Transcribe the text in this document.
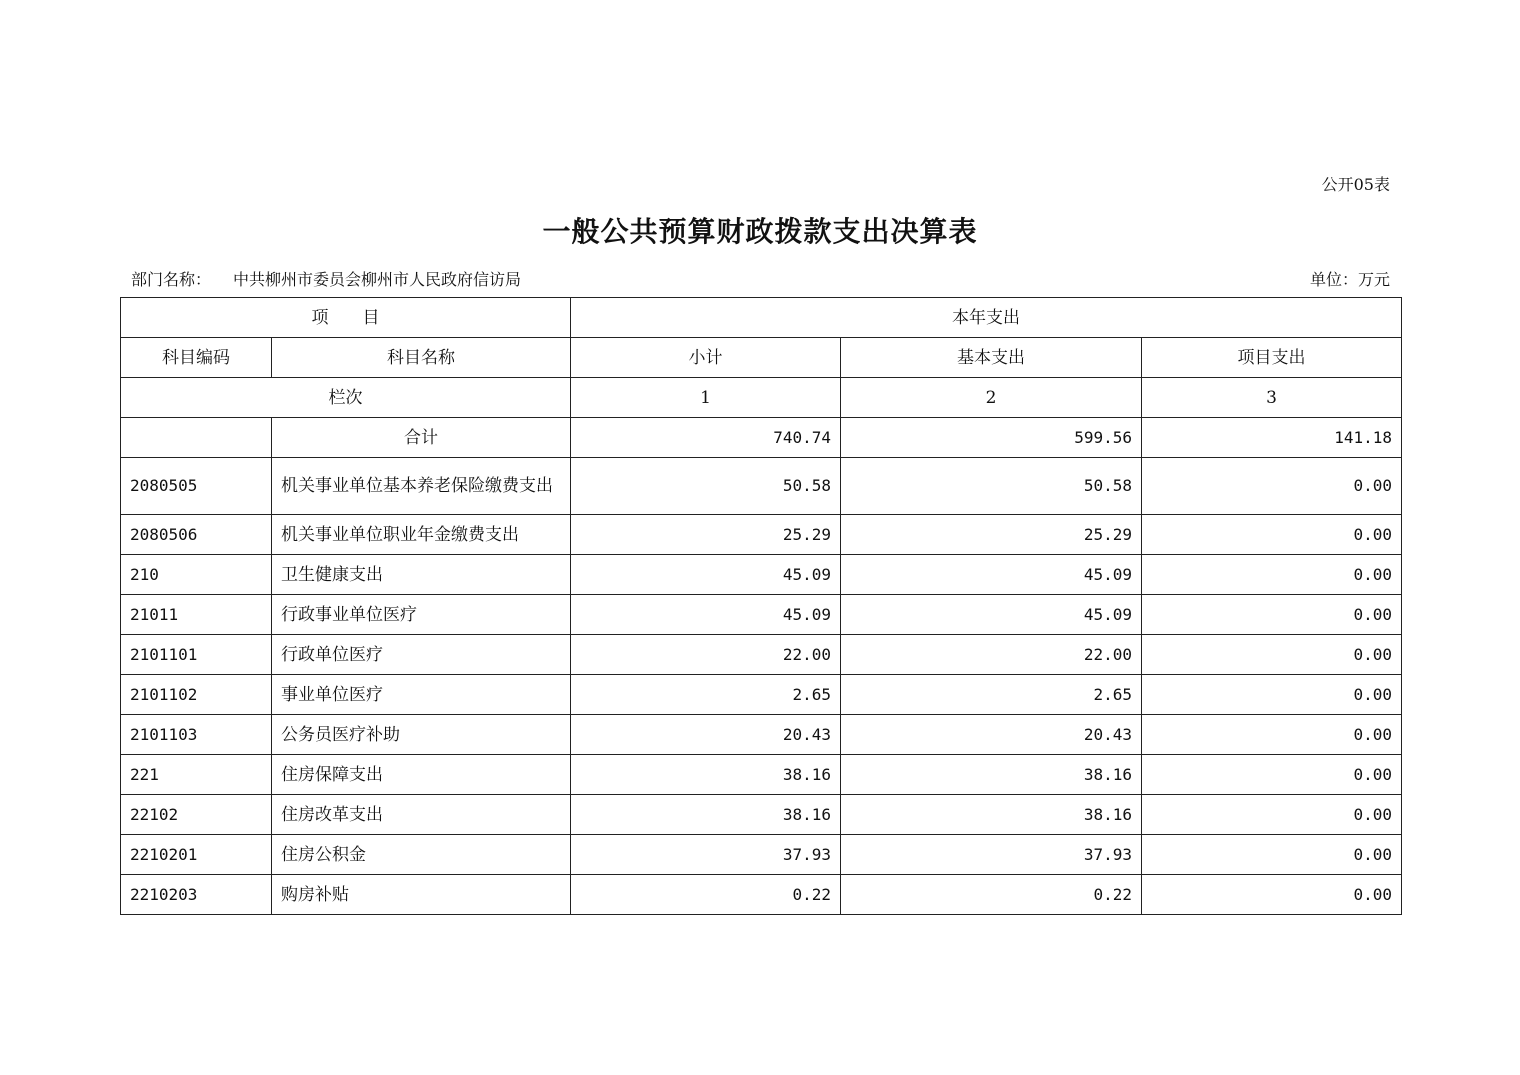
公开05表
一般公共预算财政拨款支出决算表
部门名称： 中共柳州市委员会柳州市人民政府信访局	单位：万元
项　　目		本年支出		
科目编码	科目名称	小计	基本支出	项目支出
栏次		1	2	3
	合计	740.74	599.56	141.18
2080505	机关事业单位基本养老保险缴费支出	50.58	50.58	0.00
2080506	机关事业单位职业年金缴费支出	25.29	25.29	0.00
210	卫生健康支出	45.09	45.09	0.00
21011	行政事业单位医疗	45.09	45.09	0.00
2101101	行政单位医疗	22.00	22.00	0.00
2101102	事业单位医疗	2.65	2.65	0.00
2101103	公务员医疗补助	20.43	20.43	0.00
221	住房保障支出	38.16	38.16	0.00
22102	住房改革支出	38.16	38.16	0.00
2210201	住房公积金	37.93	37.93	0.00
2210203	购房补贴	0.22	0.22	0.00
